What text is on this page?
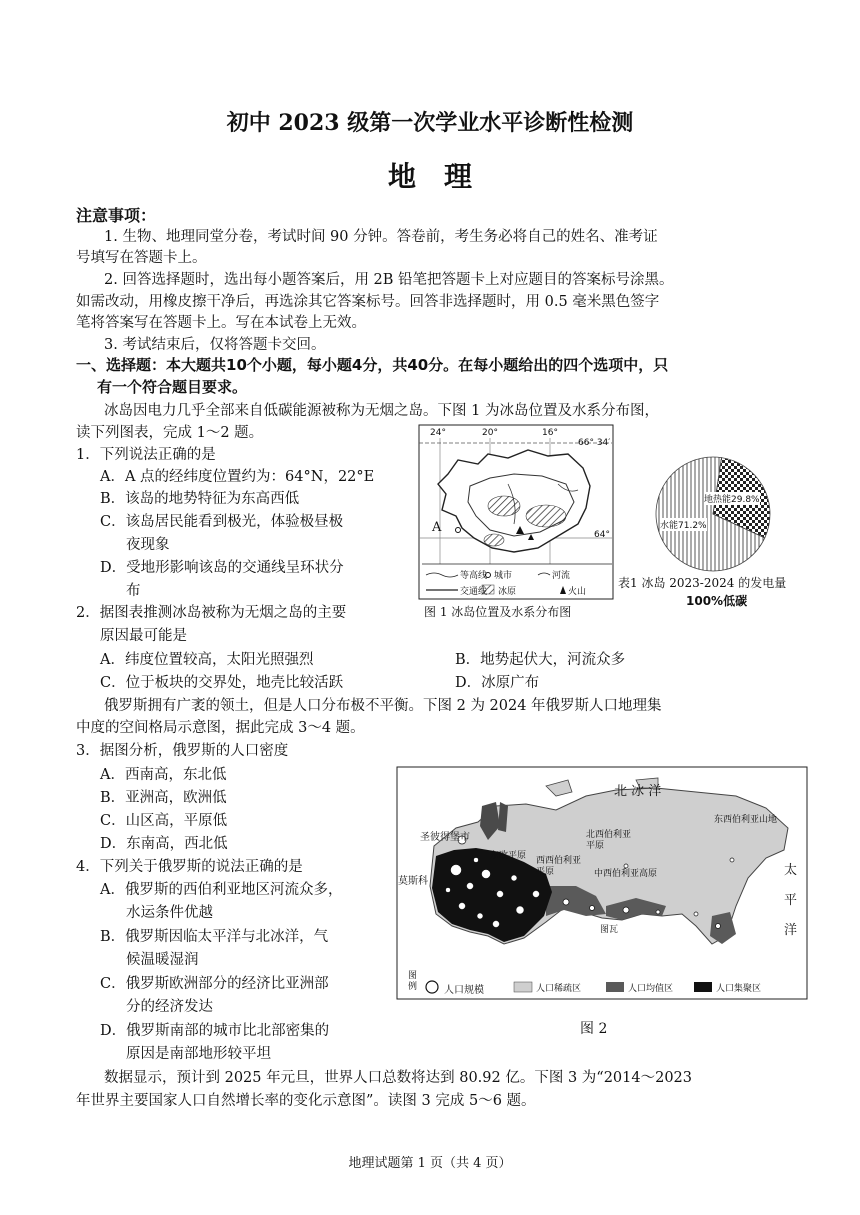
初中 2023 级第一次学业水平诊断性检测
地理
注意事项：
1. 生物、地理同堂分卷，考试时间 90 分钟。答卷前，考生务必将自己的姓名、准考证
号填写在答题卡上。
2. 回答选择题时，选出每小题答案后，用 2B 铅笔把答题卡上对应题目的答案标号涂黑。
如需改动，用橡皮擦干净后，再选涂其它答案标号。回答非选择题时，用 0.5 毫米黑色签字
笔将答案写在答题卡上。写在本试卷上无效。
3. 考试结束后，仅将答题卡交回。
一、选择题：本大题共10个小题，每小题4分，共40分。在每小题给出的四个选项中，只
有一个符合题目要求。
冰岛因电力几乎全部来自低碳能源被称为无烟之岛。下图 1 为冰岛位置及水系分布图，
读下列图表，完成 1～2 题。
1．下列说法正确的是
A．A 点的经纬度位置约为：64°N，22°E
B．该岛的地势特征为东高西低
C．该岛居民能看到极光，体验极昼极
夜现象
D．受地形影响该岛的交通线呈环状分
布
2．据图表推测冰岛被称为无烟之岛的主要
原因最可能是
A．纬度位置较高，太阳光照强烈	B．地势起伏大，河流众多
C．位于板块的交界处，地壳比较活跃	D．冰原广布
24°	20°	16°
66° 34′
64°
A
等高线 城市	河流
交通线 冰原	火山
图 1 冰岛位置及水系分布图
地热能29.8%
水能71.2%
表1 冰岛 2023-2024 的发电量
100%低碳
俄罗斯拥有广袤的领土，但是人口分布极不平衡。下图 2 为 2024 年俄罗斯人口地理集
中度的空间格局示意图，据此完成 3～4 题。
3．据图分析，俄罗斯的人口密度
A．西南高，东北低
B．亚洲高，欧洲低
C．山区高，平原低
D．东南高，西北低
4．下列关于俄罗斯的说法正确的是
A．俄罗斯的西伯利亚地区河流众多，
水运条件优越
B．俄罗斯因临太平洋与北冰洋，气
候温暖湿润
C．俄罗斯欧洲部分的经济比亚洲部
分的经济发达
D．俄罗斯南部的城市比北部密集的
原因是南部地形较平坦
北 冰 洋
圣彼得堡市
莫斯科
东欧平原 西西伯利亚平原	中西伯利亚高原
北西伯利亚平原
东西伯利亚山地
太
平
洋
图瓦
图例	人口规模	人口稀疏区	人口均值区	人口集聚区
图 2
数据显示，预计到 2025 年元旦，世界人口总数将达到 80.92 亿。下图 3 为“2014～2023
年世界主要国家人口自然增长率的变化示意图”。读图 3 完成 5～6 题。
地理试题第 1 页（共 4 页）
